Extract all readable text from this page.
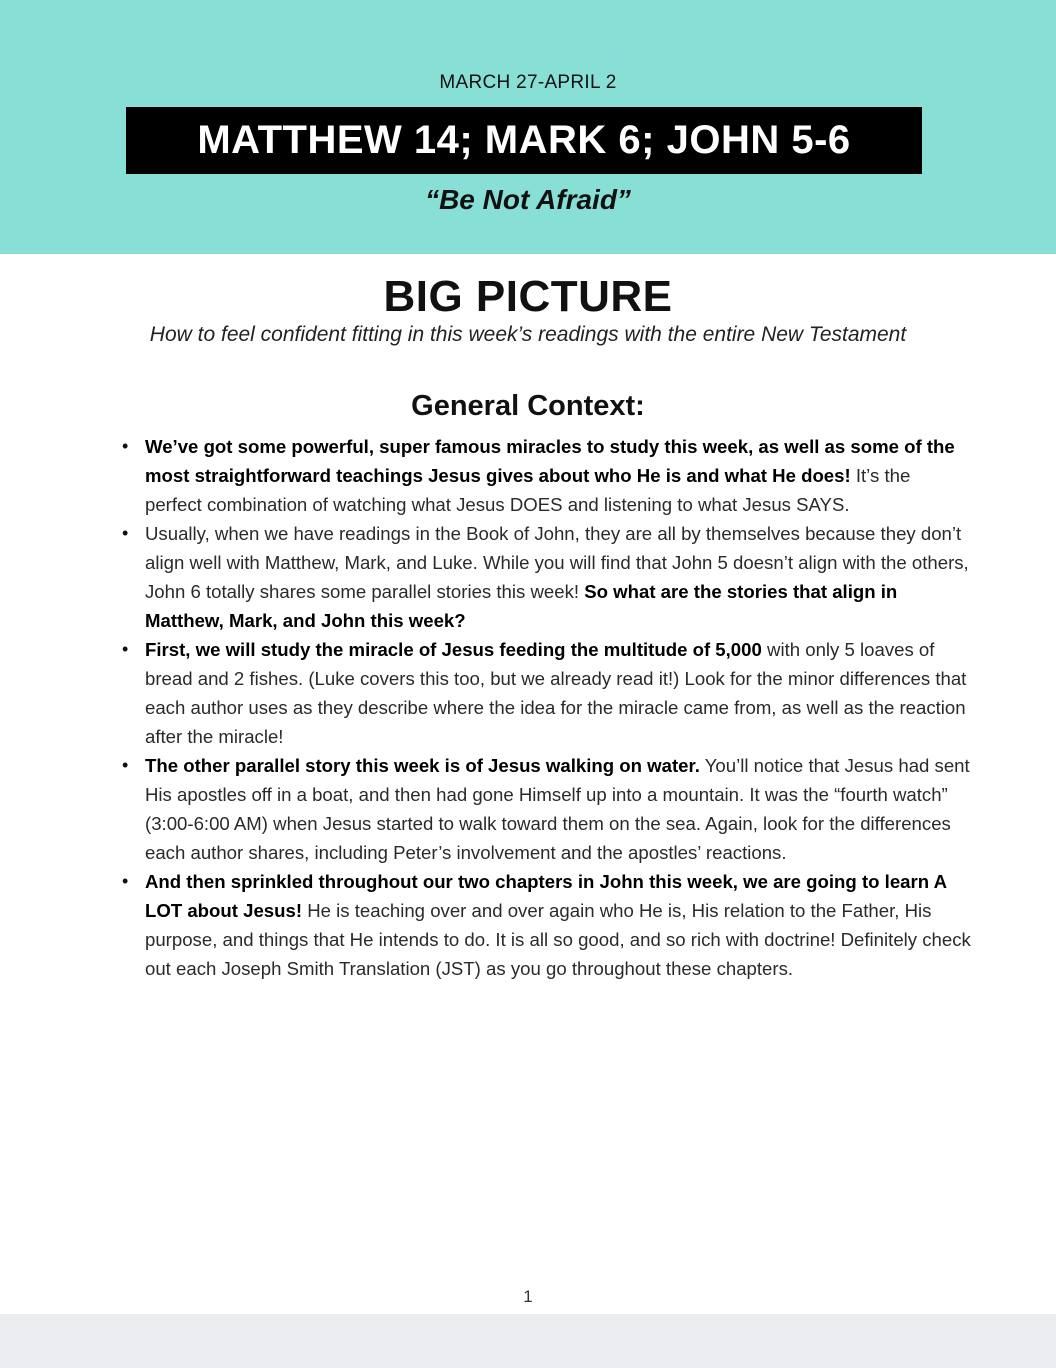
MARCH 27-APRIL 2
MATTHEW 14; MARK 6; JOHN 5-6
“Be Not Afraid”
BIG PICTURE
How to feel confident fitting in this week’s readings with the entire New Testament
General Context:
• We’ve got some powerful, super famous miracles to study this week, as well as some of the most straightforward teachings Jesus gives about who He is and what He does! It’s the perfect combination of watching what Jesus DOES and listening to what Jesus SAYS.
• Usually, when we have readings in the Book of John, they are all by themselves because they don’t align well with Matthew, Mark, and Luke. While you will find that John 5 doesn’t align with the others, John 6 totally shares some parallel stories this week! So what are the stories that align in Matthew, Mark, and John this week?
• First, we will study the miracle of Jesus feeding the multitude of 5,000 with only 5 loaves of bread and 2 fishes. (Luke covers this too, but we already read it!) Look for the minor differences that each author uses as they describe where the idea for the miracle came from, as well as the reaction after the miracle!
• The other parallel story this week is of Jesus walking on water. You’ll notice that Jesus had sent His apostles off in a boat, and then had gone Himself up into a mountain. It was the “fourth watch” (3:00-6:00 AM) when Jesus started to walk toward them on the sea. Again, look for the differences each author shares, including Peter’s involvement and the apostles’ reactions.
• And then sprinkled throughout our two chapters in John this week, we are going to learn A LOT about Jesus! He is teaching over and over again who He is, His relation to the Father, His purpose, and things that He intends to do. It is all so good, and so rich with doctrine! Definitely check out each Joseph Smith Translation (JST) as you go throughout these chapters.
1
